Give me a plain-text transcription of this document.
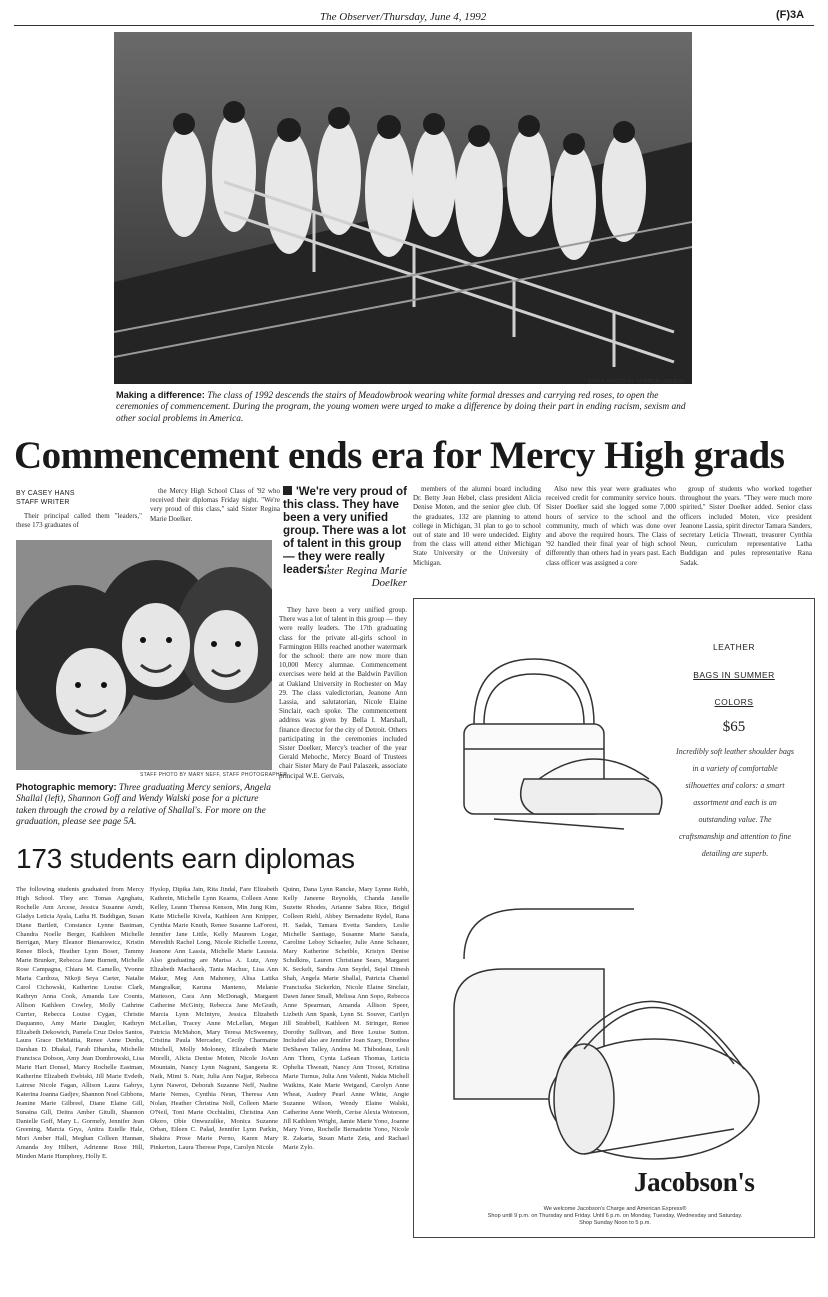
The Observer/Thursday, June 4, 1992	(F)3A
STAFF PHOTO BY SHARON LEMIEUX
Making a difference: The class of 1992 descends the stairs of Meadowbrook wearing white formal dresses and carrying red roses, to open the ceremonies of commencement. During the program, the young women were urged to make a difference by doing their part in ending racism, sexism and other social problems in America.
Commencement ends era for Mercy High grads
BY CASEY HANS
STAFF WRITER

Their principal called them "leaders," these 173 graduates of

the Mercy High School Class of '92 who received their diplomas Friday night. "We're very proud of this class," said Sister Regina Marie Doelker.

'We're very proud of this class. They have been a very unified group. There was a lot of talent in this group — they were really leaders.'
Sister Regina Marie Doelker

members of the alumni board including Dr. Betty Jean Hebel, class president Alicia Denise Moten, and the senior glee club. Of the graduates, 132 are planning to attend college in Michigan, 31 plan to go to school out of state and 10 were undecided. Eighty from the class will attend either Michigan State University or the University of Michigan.

Also new this year were graduates who received credit for community service hours. Sister Doelker said she logged some 7,000 hours of service to the school and the community, much of which was done over and above the required hours. The Class of '92 handled their final year of high school differently than others had in years past. Each class officer was assigned a core

group of students who worked together throughout the years. "They were much more spirited," Sister Doelker added. Senior class officers included Moten, vice president Jeanone Lassia, spirit director Tamara Sanders, secretary Leticia Thweatt, treasurer Cynthia Neun, curriculum representative Latha Buddigan and pules representative Rana Sadak.

STAFF PHOTO BY MARY NEFF, STAFF PHOTOGRAPHER
Photographic memory: Three graduating Mercy seniors, Angela Shallal (left), Shannon Goff and Wendy Walski pose for a picture taken through the crowd by a relative of Shallal's. For more on the graduation, please see page 5A.

They have been a very unified group. There was a lot of talent in this group — they were really leaders. The 17th graduating class for the private all-girls school in Farmington Hills reached another watermark for the school: there are now more than 10,000 Mercy alumnae. Commencement exercises were held at the Baldwin Pavilion at Oakland University in Rochester on May 29. The class valedictorian, Jeanone Ann Lassia, and salutatorian, Nicole Elaine Sinclair, each spoke. The commencement address was given by Bella I. Marshall, finance director for the city of Detroit. Others participating in the ceremonies included Sister Doelker, Mercy's teacher of the year Gerald Mehochc, Mercy Board of Trustees chair Sister Mary de Paul Palaszek, associate principal W.E. Gervais,

173 students earn diplomas
The following students graduated from Mercy High School. They are: Tomas Agnghatu, Rochelle Ann Arcese, Jessica Susanne Arndt, Gladys Leticia Ayala, Latha H. Buddigan, Susan Diane Bartlett, Constance Lynne Bastman, Chandra Noelle Berger, Kathleen Michelle Berrigan, Mary Eleanor Bienarowicz, Kristin Renee Block, Heather Lynn Boser, Tammy Marie Brunker, Rebecca Jane Burnett, Michelle Rose Campagna, Chiara M. Camello, Yvonne Maria Cardoza, Nikoji Seya Carter, Natalie Carol Cichowski, Katherine Louise Clark, Kathryn Anna Cook, Amanda Lee Counts, Allison Kathleen Cowley, Molly Cathrine Currier, Rebecca Louise Cygan, Christie Daquanno, Amy Marie Daugler, Kathryn Elizabeth Dekowich, Pamela Cruz Delos Santos, Laura Grace DeMattia, Renee Anne Denha, Darshan D. Dhakal, Farah Dharsha, Michelle Francisca Dobson, Amy Jean Dombrowski, Lisa Marie Hart Donsel, Marcy Rochelle Eastman, Katherine Elizabeth Ewbiski, Jill Marie Evdeth, Latrese Nicole Fagan, Allison Laura Gabrys, Katerina Joanna Gadjev, Shannon Noel Gibbons, Jeanine Marie Gilbreel, Diane Elaine Gill, Sunaina Gill, Deitra Amber Gitulli, Shannon Danielle Goff, Mary L. Gormely, Jennifer Jean Greening, Marcia Grys, Anitra Estelle Hale, Mori Amber Hall, Meghan Colleen Hannan, Amanda Joy Hilbert, Adrienne Rose Hill, Minden Marie Humphrey, Holly E.
Hyslop, Dipika Jain, Rita Jindal, Fare Elizabeth Kathrein, Michelle Lynn Kearns, Colleen Anne Kelley, Leann Theresa Kenson, Min Jung Kim, Katie Michelle Kivela, Kathleen Ann Knipper, Cynthia Marie Knuth, Renee Susanne LaForest, Jennifer Jane Little, Kelly Maureen Logar, Meredith Rachel Long, Nicole Richelle Lorenz, Jeanone Ann Lassia, Michelle Marie Laussia. Also graduating are Marisa A. Lutz, Amy Elizabeth Machacek, Tania Machuc, Lisa Ann Makur, Meg Ann Mahoney, Alisa Latika Mangralkar, Karuna Manteno, Melanie Matteson, Cara Ann McDonagh, Margaret Catherine McGinty, Rebecca Jane McGrath, Marcia Lynn McIntyre, Jessica Elizabeth McLellan, Tracey Anne McLellan, Megan Patricia McMahon, Mary Teresa McSweeney, Cristina Paula Mercader, Cecily Charmaine Mitchell, Molly Moloney, Elizabeth Marie Morelli, Alicia Denise Moten, Nicole JoAnn Mountain, Nancy Lynn Nagrant, Sangeeta R. Naik, Mimi S. Nair, Julia Ann Najjar, Rebecca Lynn Nawrot, Deborah Suzanne Neff, Nadine Marie Nemes, Cynthia Neun, Theresa Ann Nolan, Heather Christina Noll, Colleen Marie O'Neil, Toni Marie Occhialini, Christina Ann Okoro, Obie Onwuzulike, Monica Suzanne Orban, Eileen C. Palad, Jennifer Lynn Parkin, Shakira Prose Marie Perno, Karen Mary Pinkerton, Laura Therese Pope, Carolyn Nicole
Quinn, Dana Lynn Rancke, Mary Lynne Rebh, Kelly Janeene Reynolds, Chanda Janelle Suzette Rhodes, Arianne Sabra Rice, Brigid Colleen Riehl, Abbey Bernadette Rydel, Rana H. Sadak, Tamara Evetta Sanders, Leslie Michelle Santiago, Susanne Marie Sarafa, Caroline Leboy Schaefer, Julie Anne Schauer, Mary Katherine Scheible, Kristyn Denise Schulkins, Lauren Christiane Sears, Margaret K. Seckelt, Sandra Ann Seydel, Sejal Dinesh Shah, Angela Marie Shallal, Patricia Chantel Franciszka Sickerkin, Nicole Elaine Sinclair, Dawn Janee Small, Melissa Ann Sopo, Rebecca Anne Spearman, Amanda Allison Speer, Lizbeth Ann Spank, Lynn St. Souver, Carilyn Jill Strabbell, Kathleen M. Stringer, Renee Dorothy Sullivan, and Bree Louise Sutton. Included also are Jennifer Joan Szary, Dorothea DeShawn Talley, Andrea M. Thibodeau, Lesli Ann Thom, Cynta LaSean Thomas, Leticia Ophelia Thweatt, Nancy Ann Troost, Kristina Marie Turnus, Julia Ann Valenti, Nakia Michell Watkins, Kate Marie Weigand, Carolyn Anne Wheat, Audrey Pearl Anne White, Angie Suzanne Wilson, Wendy Elaine Walski, Catherine Anne Werth, Cerise Alexia Wotorson, Jill Kathleen Wright, Jamie Marie Yono, Joanne Mary Yono, Rochelle Bernadette Yono, Nicole R. Zakaria, Susan Marie Zeta, and Rachael Marie Zylo.
LEATHER
BAGS IN SUMMER
COLORS
$65
Incredibly soft leather shoulder bags in a variety of comfortable silhouettes and colors: a smart assortment and each is an outstanding value. The craftsmanship and attention to fine detailing are superb.
Jacobson's
We welcome Jacobson's Charge and American Express®
Shop until 9 p.m. on Thursday and Friday. Until 6 p.m. on Monday, Tuesday, Wednesday and Saturday.
Shop Sunday Noon to 5 p.m.
